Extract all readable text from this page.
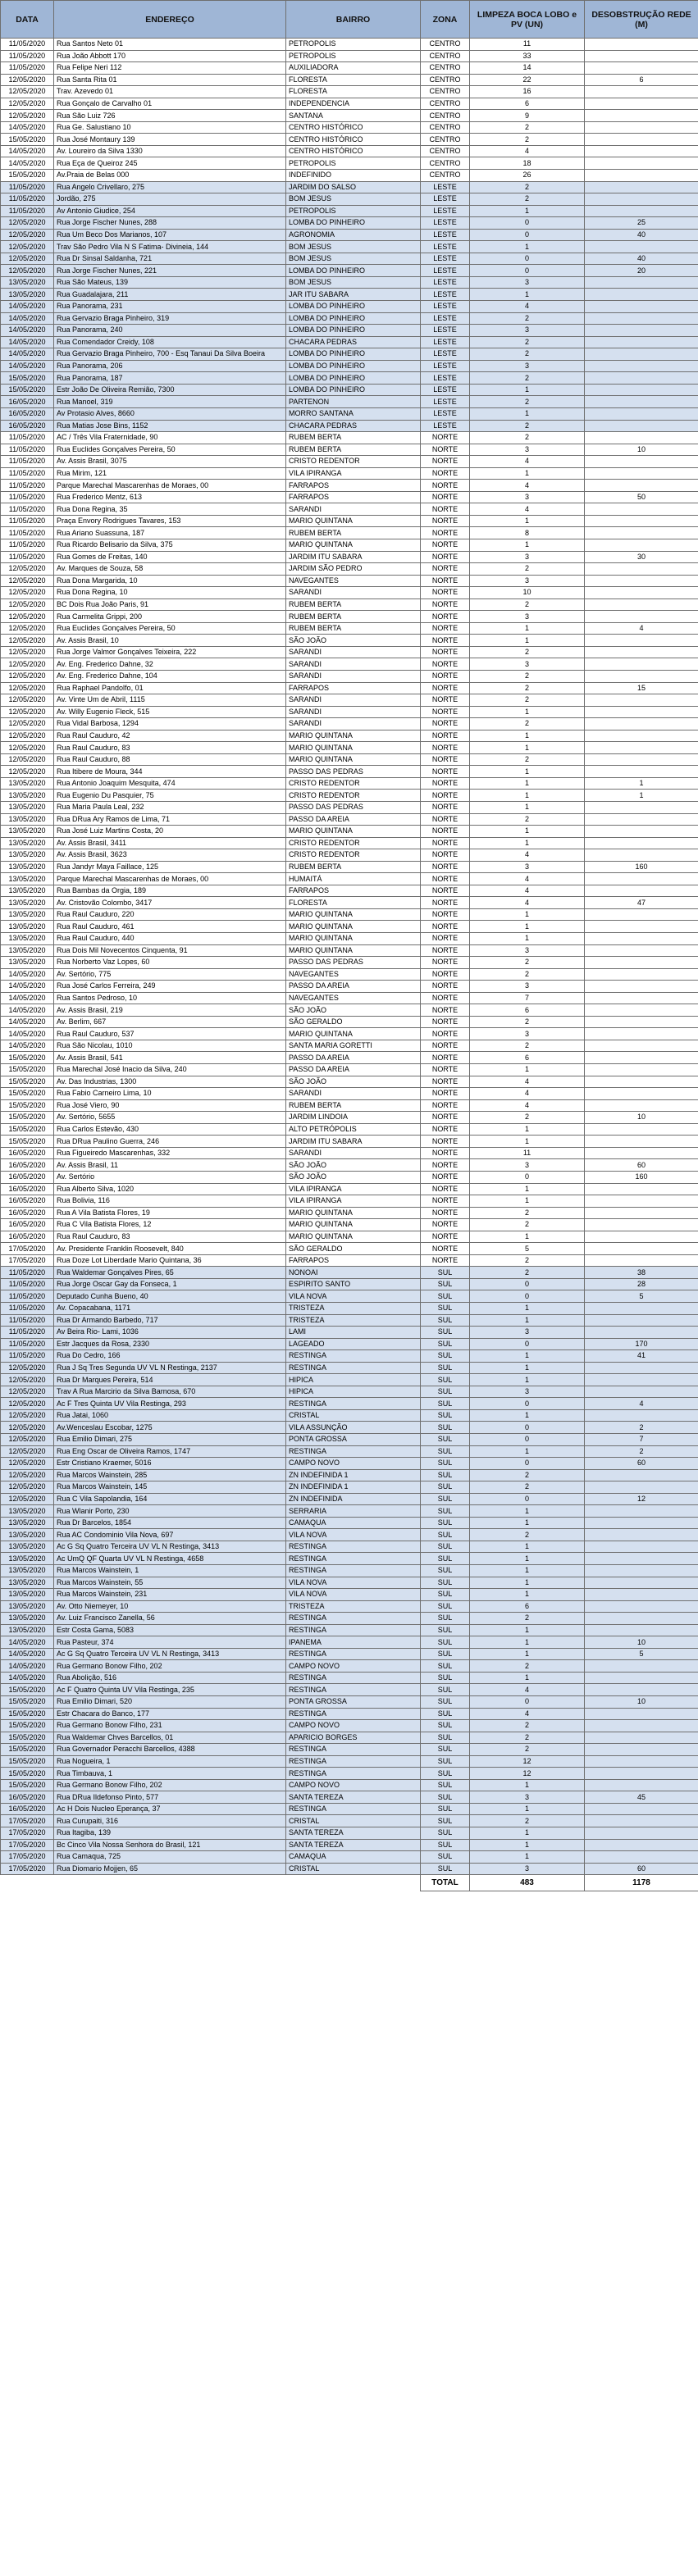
DATA	ENDEREÇO	BAIRRO	ZONA	LIMPEZA BOCA LOBO e PV (UN)	DESOBSTRUÇÃO REDE (M)
11/05/2020	Rua Santos Neto 01	PETROPOLIS	CENTRO	11	
11/05/2020	Rua João Abbott 170	PETROPOLIS	CENTRO	33	
11/05/2020	Rua Felipe Neri 112	AUXILIADORA	CENTRO	14	
12/05/2020	Rua Santa Rita 01	FLORESTA	CENTRO	22	6
12/05/2020	Trav. Azevedo 01	FLORESTA	CENTRO	16	
12/05/2020	Rua Gonçalo de Carvalho 01	INDEPENDENCIA	CENTRO	6	
12/05/2020	Rua São Luiz 726	SANTANA	CENTRO	9	
14/05/2020	Rua Ge. Salustiano 10	CENTRO HISTÓRICO	CENTRO	2	
15/05/2020	Rua José Montaury 139	CENTRO HISTÓRICO	CENTRO	2	
14/05/2020	Av. Loureiro da Silva 1330	CENTRO HISTÓRICO	CENTRO	4	
14/05/2020	Rua Eça de Queiroz 245	PETROPOLIS	CENTRO	18	
15/05/2020	Av.Praia de Belas 000	INDEFINIDO	CENTRO	26	
11/05/2020	Rua Angelo Crivellaro, 275	JARDIM DO SALSO	LESTE	2	
11/05/2020	Jordão, 275	BOM JESUS	LESTE	2	
11/05/2020	Av Antonio Giudice, 254	PETROPOLIS	LESTE	1	
12/05/2020	Rua Jorge Fischer Nunes, 288	LOMBA DO PINHEIRO	LESTE	0	25
12/05/2020	Rua Um Beco Dos Marianos, 107	AGRONOMIA	LESTE	0	40
12/05/2020	Trav São Pedro Vila N S Fatima- Divineia, 144	BOM JESUS	LESTE	1	
12/05/2020	Rua Dr Sinsal Saldanha, 721	BOM JESUS	LESTE	0	40
12/05/2020	Rua Jorge Fischer Nunes, 221	LOMBA DO PINHEIRO	LESTE	0	20
13/05/2020	Rua São Mateus, 139	BOM JESUS	LESTE	3	
13/05/2020	Rua Guadalajara, 211	JAR ITU SABARA	LESTE	1	
14/05/2020	Rua Panorama, 231	LOMBA DO PINHEIRO	LESTE	4	
14/05/2020	Rua Gervazio Braga Pinheiro, 319	LOMBA DO PINHEIRO	LESTE	2	
14/05/2020	Rua Panorama, 240	LOMBA DO PINHEIRO	LESTE	3	
14/05/2020	Rua Comendador Creidy, 108	CHACARA PEDRAS	LESTE	2	
14/05/2020	Rua Gervazio Braga Pinheiro, 700 - Esq Tanaui Da Silva Boeira	LOMBA DO PINHEIRO	LESTE	2	
14/05/2020	Rua Panorama, 206	LOMBA DO PINHEIRO	LESTE	3	
15/05/2020	Rua Panorama, 187	LOMBA DO PINHEIRO	LESTE	2	
15/05/2020	Estr João De Oliveira Remião, 7300	LOMBA DO PINHEIRO	LESTE	1	
16/05/2020	Rua Manoel, 319	PARTENON	LESTE	2	
16/05/2020	Av Protasio Alves, 8660	MORRO SANTANA	LESTE	1	
16/05/2020	Rua Matias Jose Bins, 1152	CHACARA PEDRAS	LESTE	2	
11/05/2020	AC / Três Vila Fraternidade, 90	RUBEM BERTA	NORTE	2	
11/05/2020	Rua Euclides Gonçalves Pereira, 50	RUBEM BERTA	NORTE	3	10
11/05/2020	Av. Assis Brasil, 3075	CRISTO REDENTOR	NORTE	4	
11/05/2020	Rua Mirim, 121	VILA IPIRANGA	NORTE	1	
11/05/2020	Parque Marechal Mascarenhas de Moraes, 00	FARRAPOS	NORTE	4	
11/05/2020	Rua Frederico Mentz, 613	FARRAPOS	NORTE	3	50
11/05/2020	Rua Dona Regina, 35	SARANDI	NORTE	4	
11/05/2020	Praça Envory Rodrigues Tavares, 153	MARIO QUINTANA	NORTE	1	
11/05/2020	Rua Ariano Suassuna, 187	RUBEM BERTA	NORTE	8	
11/05/2020	Rua Ricardo Belisario da Silva, 375	MARIO QUINTANA	NORTE	1	
11/05/2020	Rua Gomes de Freitas, 140	JARDIM ITU SABARA	NORTE	3	30
12/05/2020	Av. Marques de Souza, 58	JARDIM SÃO PEDRO	NORTE	2	
12/05/2020	Rua Dona Margarida, 10	NAVEGANTES	NORTE	3	
12/05/2020	Rua Dona Regina, 10	SARANDI	NORTE	10	
12/05/2020	BC Dois Rua João Paris, 91	RUBEM BERTA	NORTE	2	
12/05/2020	Rua Carmelita Grippi, 200	RUBEM BERTA	NORTE	3	
12/05/2020	Rua Euclides Gonçalves Pereira, 50	RUBEM BERTA	NORTE	1	4
12/05/2020	Av. Assis Brasil, 10	SÃO JOÃO	NORTE	1	
12/05/2020	Rua Jorge Valmor Gonçalves Teixeira, 222	SARANDI	NORTE	2	
12/05/2020	Av. Eng. Frederico Dahne, 32	SARANDI	NORTE	3	
12/05/2020	Av. Eng. Frederico Dahne, 104	SARANDI	NORTE	2	
12/05/2020	Rua Raphael Pandolfo, 01	FARRAPOS	NORTE	2	15
12/05/2020	Av. Vinte Um de Abril, 1115	SARANDI	NORTE	2	
12/05/2020	Av. Willy Eugenio Fleck, 515	SARANDI	NORTE	1	
12/05/2020	Rua Vidal Barbosa, 1294	SARANDI	NORTE	2	
12/05/2020	Rua Raul Cauduro, 42	MARIO QUINTANA	NORTE	1	
12/05/2020	Rua Raul Cauduro, 83	MARIO QUINTANA	NORTE	1	
12/05/2020	Rua Raul Cauduro, 88	MARIO QUINTANA	NORTE	2	
12/05/2020	Rua Itibere de Moura, 344	PASSO DAS PEDRAS	NORTE	1	
13/05/2020	Rua Antonio Joaquim Mesquita, 474	CRISTO REDENTOR	NORTE	1	1
13/05/2020	Rua Eugenio Du Pasquier, 75	CRISTO REDENTOR	NORTE	1	1
13/05/2020	Rua Maria Paula Leal, 232	PASSO DAS PEDRAS	NORTE	1	
13/05/2020	Rua DRua Ary Ramos de Lima, 71	PASSO DA AREIA	NORTE	2	
13/05/2020	Rua José Luiz Martins Costa, 20	MARIO QUINTANA	NORTE	1	
13/05/2020	Av. Assis Brasil, 3411	CRISTO REDENTOR	NORTE	1	
13/05/2020	Av. Assis Brasil, 3623	CRISTO REDENTOR	NORTE	4	
13/05/2020	Rua Jandyr Maya Faillace, 125	RUBEM BERTA	NORTE	3	160
13/05/2020	Parque Marechal Mascarenhas de Moraes, 00	HUMAITÁ	NORTE	4	
13/05/2020	Rua Bambas da Orgia, 189	FARRAPOS	NORTE	4	
13/05/2020	Av. Cristovão Colombo, 3417	FLORESTA	NORTE	4	47
13/05/2020	Rua Raul Cauduro, 220	MARIO QUINTANA	NORTE	1	
13/05/2020	Rua Raul Cauduro, 461	MARIO QUINTANA	NORTE	1	
13/05/2020	Rua Raul Cauduro, 440	MARIO QUINTANA	NORTE	1	
13/05/2020	Rua Dois Mil Novecentos Cinquenta, 91	MARIO QUINTANA	NORTE	3	
13/05/2020	Rua Norberto Vaz Lopes, 60	PASSO DAS PEDRAS	NORTE	2	
14/05/2020	Av. Sertório, 775	NAVEGANTES	NORTE	2	
14/05/2020	Rua José Carlos Ferreira, 249	PASSO DA AREIA	NORTE	3	
14/05/2020	Rua Santos Pedroso, 10	NAVEGANTES	NORTE	7	
14/05/2020	Av. Assis Brasil, 219	SÃO JOÃO	NORTE	6	
14/05/2020	Av. Berlim, 667	SÃO GERALDO	NORTE	2	
14/05/2020	Rua Raul Cauduro, 537	MARIO QUINTANA	NORTE	3	
14/05/2020	Rua São Nicolau, 1010	SANTA MARIA GORETTI	NORTE	2	
15/05/2020	Av. Assis Brasil, 541	PASSO DA AREIA	NORTE	6	
15/05/2020	Rua Marechal José Inacio da Silva, 240	PASSO DA AREIA	NORTE	1	
15/05/2020	Av. Das Industrias, 1300	SÃO JOÃO	NORTE	4	
15/05/2020	Rua Fabio Carneiro Lima, 10	SARANDI	NORTE	4	
15/05/2020	Rua José Viero, 90	RUBEM BERTA	NORTE	4	
15/05/2020	Av. Sertório, 5655	JARDIM LINDOIA	NORTE	2	10
15/05/2020	Rua Carlos Estevão, 430	ALTO PETRÓPOLIS	NORTE	1	
15/05/2020	Rua DRua Paulino Guerra, 246	JARDIM ITU SABARA	NORTE	1	
16/05/2020	Rua Figueiredo Mascarenhas, 332	SARANDI	NORTE	11	
16/05/2020	Av. Assis Brasil, 11	SÃO JOÃO	NORTE	3	60
16/05/2020	Av. Sertório	SÃO JOÃO	NORTE	0	160
16/05/2020	Rua Alberto Silva, 1020	VILA IPIRANGA	NORTE	1	
16/05/2020	Rua Bolivia, 116	VILA IPIRANGA	NORTE	1	
16/05/2020	Rua A Vila Batista Flores, 19	MARIO QUINTANA	NORTE	2	
16/05/2020	Rua C Vila Batista Flores, 12	MARIO QUINTANA	NORTE	2	
16/05/2020	Rua Raul Cauduro, 83	MARIO QUINTANA	NORTE	1	
17/05/2020	Av. Presidente Franklin Roosevelt, 840	SÃO GERALDO	NORTE	5	
17/05/2020	Rua Doze Lot Liberdade Mario Quintana, 36	FARRAPOS	NORTE	2	
11/05/2020	Rua Waldemar Gonçalves Pires, 65	NONOAI	SUL	2	38
11/05/2020	Rua Jorge Oscar Gay da Fonseca, 1	ESPIRITO SANTO	SUL	0	28
11/05/2020	Deputado Cunha Bueno, 40	VILA NOVA	SUL	0	5
11/05/2020	Av. Copacabana, 1171	TRISTEZA	SUL	1	
11/05/2020	Rua Dr Armando Barbedo, 717	TRISTEZA	SUL	1	
11/05/2020	Av Beira Rio- Lami, 1036	LAMI	SUL	3	
11/05/2020	Estr Jacques da Rosa, 2330	LAGEADO	SUL	0	170
11/05/2020	Rua Do Cedro, 166	RESTINGA	SUL	1	41
12/05/2020	Rua J Sq Tres Segunda UV VL N Restinga, 2137	RESTINGA	SUL	1	
12/05/2020	Rua Dr Marques Pereira, 514	HIPICA	SUL	1	
12/05/2020	Trav A Rua Marcirio da Silva Barnosa, 670	HIPICA	SUL	3	
12/05/2020	Ac F Tres Quinta UV Vila Restinga, 293	RESTINGA	SUL	0	4
12/05/2020	Rua Jatai, 1060	CRISTAL	SUL	1	
12/05/2020	Av.Wenceslau Escobar, 1275	VILA ASSUNÇÃO	SUL	0	2
12/05/2020	Rua Emilio Dimari, 275	PONTA GROSSA	SUL	0	7
12/05/2020	Rua Eng Oscar de Oliveira Ramos, 1747	RESTINGA	SUL	1	2
12/05/2020	Estr Cristiano Kraemer, 5016	CAMPO NOVO	SUL	0	60
12/05/2020	Rua Marcos Wainstein, 285	ZN INDEFINIDA 1	SUL	2	
12/05/2020	Rua Marcos Wainstein, 145	ZN INDEFINIDA 1	SUL	2	
12/05/2020	Rua C Vila Sapolandia, 164	ZN INDEFINIDA	SUL	0	12
13/05/2020	Rua Wlanir Porto, 230	SERRARIA	SUL	1	
13/05/2020	Rua Dr Barcelos, 1854	CAMAQUA	SUL	1	
13/05/2020	Rua AC Condominio Vila Nova, 697	VILA NOVA	SUL	2	
13/05/2020	Ac G Sq Quatro Terceira UV VL N Restinga, 3413	RESTINGA	SUL	1	
13/05/2020	Ac UmQ QF Quarta UV VL N Restinga, 4658	RESTINGA	SUL	1	
13/05/2020	Rua Marcos Wainstein, 1	RESTINGA	SUL	1	
13/05/2020	Rua Marcos Wainstein, 55	VILA NOVA	SUL	1	
13/05/2020	Rua Marcos Wainstein, 231	VILA NOVA	SUL	1	
13/05/2020	Av. Otto Niemeyer, 10	TRISTEZA	SUL	6	
13/05/2020	Av. Luiz Francisco Zanella, 56	RESTINGA	SUL	2	
13/05/2020	Estr Costa Gama, 5083	RESTINGA	SUL	1	
14/05/2020	Rua Pasteur, 374	IPANEMA	SUL	1	10
14/05/2020	Ac G Sq Quatro Terceira UV VL N Restinga, 3413	RESTINGA	SUL	1	5
14/05/2020	Rua Germano Bonow Filho, 202	CAMPO NOVO	SUL	2	
14/05/2020	Rua Abolição, 516	RESTINGA	SUL	1	
15/05/2020	Ac F Quatro Quinta UV Vila Restinga, 235	RESTINGA	SUL	4	
15/05/2020	Rua Emilio Dimari, 520	PONTA GROSSA	SUL	0	10
15/05/2020	Estr Chacara do Banco, 177	RESTINGA	SUL	4	
15/05/2020	Rua Germano Bonow Filho, 231	CAMPO NOVO	SUL	2	
15/05/2020	Rua Waldemar Chves Barcellos, 01	APARICIO BORGES	SUL	2	
15/05/2020	Rua Governador Peracchi Barcellos, 4388	RESTINGA	SUL	2	
15/05/2020	Rua Nogueira, 1	RESTINGA	SUL	12	
15/05/2020	Rua Timbauva, 1	RESTINGA	SUL	12	
15/05/2020	Rua Germano Bonow Filho, 202	CAMPO NOVO	SUL	1	
16/05/2020	Rua DRua Ildefonso Pinto, 577	SANTA TEREZA	SUL	3	45
16/05/2020	Ac H Dois Nucleo Eperança, 37	RESTINGA	SUL	1	
17/05/2020	Rua Curupaiti, 316	CRISTAL	SUL	2	
17/05/2020	Rua Itagiba, 139	SANTA TEREZA	SUL	1	
17/05/2020	Bc Cinco Vila Nossa Senhora do Brasil, 121	SANTA TEREZA	SUL	1	
17/05/2020	Rua Camaqua, 725	CAMAQUA	SUL	1	
17/05/2020	Rua Diomario Mojjen, 65	CRISTAL	SUL	3	60
			TOTAL	483	1178
